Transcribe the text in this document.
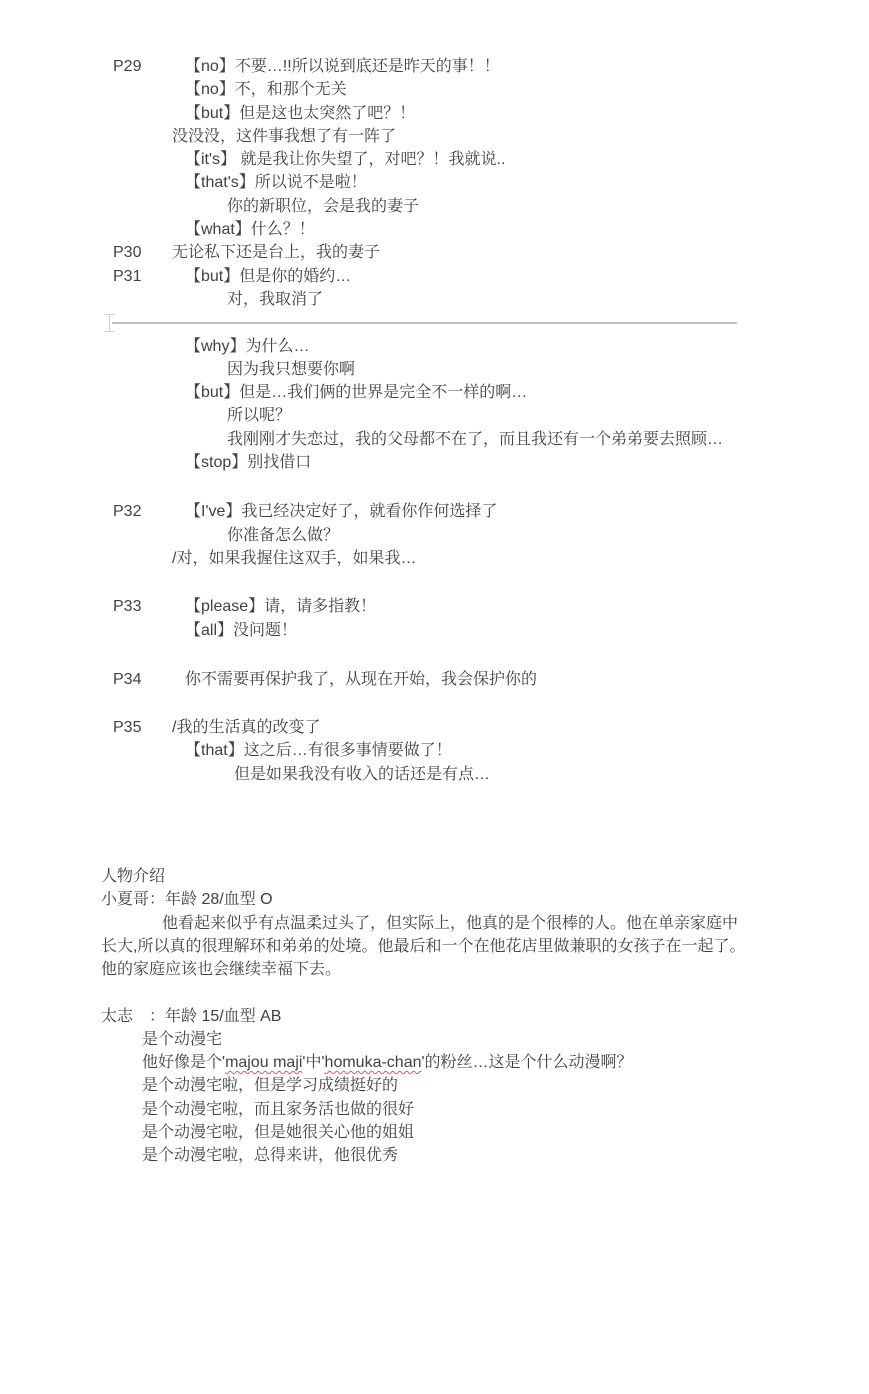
P29	【no】不要…!!所以说到底还是昨天的事！！
【no】不，和那个无关
【but】但是这也太突然了吧？！
没没没，这件事我想了有一阵了
【it's】 就是我让你失望了，对吧？！我就说..
【that's】所以说不是啦！
你的新职位，会是我的妻子
【what】什么？！
P30 无论私下还是台上，我的妻子
P31	【but】但是你的婚约…
对，我取消了
【why】为什么…
因为我只想要你啊
【but】但是…我们俩的世界是完全不一样的啊…
所以呢？
我刚刚才失恋过，我的父母都不在了，而且我还有一个弟弟要去照顾…
【stop】别找借口
P32	【I've】我已经决定好了，就看你作何选择了
你准备怎么做？
/对，如果我握住这双手，如果我…
P33	【please】请，请多指教！
【all】没问题！
P34	你不需要再保护我了，从现在开始，我会保护你的
P35 /我的生活真的改变了
【that】这之后…有很多事情要做了！
但是如果我没有收入的话还是有点…
人物介绍
小夏哥：年龄 28/血型 O
他看起来似乎有点温柔过头了，但实际上，他真的是个很棒的人。他在单亲家庭中
长大,所以真的很理解环和弟弟的处境。他最后和一个在他花店里做兼职的女孩子在一起了。
他的家庭应该也会继续幸福下去。
太志　：年龄 15/血型 AB
是个动漫宅
他好像是个'majou maji'中'homuka-chan'的粉丝…这是个什么动漫啊？
是个动漫宅啦，但是学习成绩挺好的
是个动漫宅啦，而且家务活也做的很好
是个动漫宅啦，但是她很关心他的姐姐
是个动漫宅啦，总得来讲，他很优秀
